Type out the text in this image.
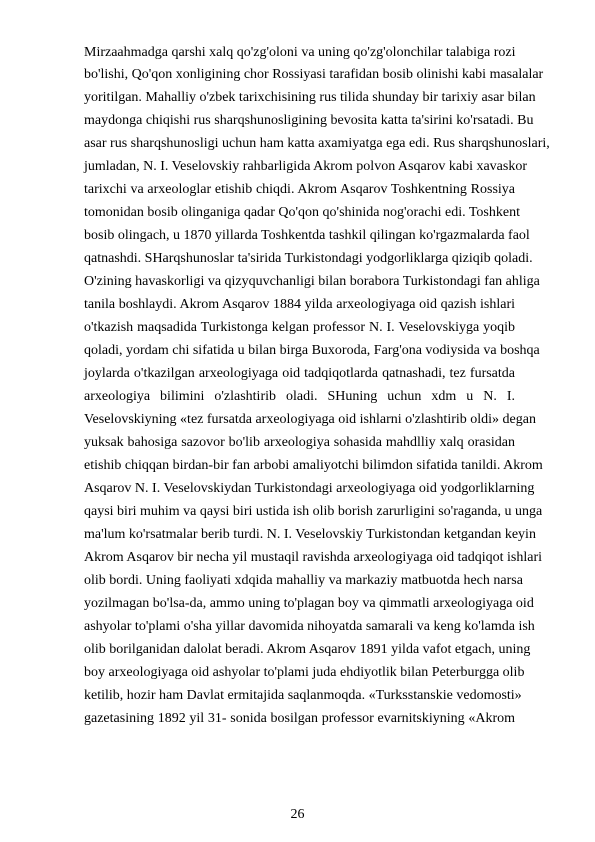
Mirzaahmadga qarshi xalq qo'zg'oloni va uning qo'zg'olonchilar talabiga rozi
bo'lishi, Qo'qon xonligining chor Rossiyasi tarafidan bosib olinishi kabi masalalar
yoritilgan. Mahalliy o'zbek tarixchisining rus tilida shunday bir tarixiy asar bilan
maydonga chiqishi rus sharqshunosligining bevosita katta ta'sirini ko'rsatadi. Bu
asar rus sharqshunosligi uchun ham katta axamiyatga ega edi. Rus sharqshunoslari,
jumladan, N. I. Veselovskiy rahbarligida Akrom polvon Asqarov kabi xavaskor
tarixchi va arxeologlar etishib chiqdi. Akrom Asqarov Toshkentning Rossiya
tomonidan bosib olinganiga qadar Qo'qon qo'shinida nog'orachi edi. Toshkent
bosib olingach, u 1870 yillarda Toshkentda tashkil qilingan ko'rgazmalarda faol
qatnashdi. SHarqshunoslar ta'sirida Turkistondagi yodgorliklarga qiziqib qoladi.
O'zining havaskorligi va qizyquvchanligi bilan borabora Turkistondagi fan ahliga
tanila boshlaydi. Akrom Asqarov 1884 yilda arxeologiyaga oid qazish ishlari
o'tkazish maqsadida Turkistonga kelgan professor N. I. Veselovskiyga yoqib
qoladi, yordam chi sifatida u bilan birga Buxoroda, Farg'ona vodiysida va boshqa
joylarda o'tkazilgan arxeologiyaga oid tadqiqotlarda qatnashadi, tez fursatda
arxeologiya bilimini o'zlashtirib oladi. SHuning uchun xdm u N. I.
Veselovskiyning «tez fursatda arxeologiyaga oid ishlarni o'zlashtirib oldi» degan
yuksak bahosiga sazovor bo'lib arxeologiya sohasida mahdlliy xalq orasidan
etishib chiqqan birdan-bir fan arbobi amaliyotchi bilimdon sifatida tanildi. Akrom
Asqarov N. I. Veselovskiydan Turkistondagi arxeologiyaga oid yodgorliklarning
qaysi biri muhim va qaysi biri ustida ish olib borish zarurligini so'raganda, u unga
ma'lum ko'rsatmalar berib turdi. N. I. Veselovskiy Turkistondan ketgandan keyin
Akrom Asqarov bir necha yil mustaqil ravishda arxeologiyaga oid tadqiqot ishlari
olib bordi. Uning faoliyati xdqida mahalliy va markaziy matbuotda hech narsa
yozilmagan bo'lsa-da, ammo uning to'plagan boy va qimmatli arxeologiyaga oid
ashyolar to'plami o'sha yillar davomida nihoyatda samarali va keng ko'lamda ish
olib borilganidan dalolat beradi. Akrom Asqarov 1891 yilda vafot etgach, uning
boy arxeologiyaga oid ashyolar to'plami juda ehdiyotlik bilan Peterburgga olib
ketilib, hozir ham Davlat ermitajida saqlanmoqda. «Turksstanskie vedomosti»
gazetasining 1892 yil 31- sonida bosilgan professor evarnitskiyning «Akrom
26
